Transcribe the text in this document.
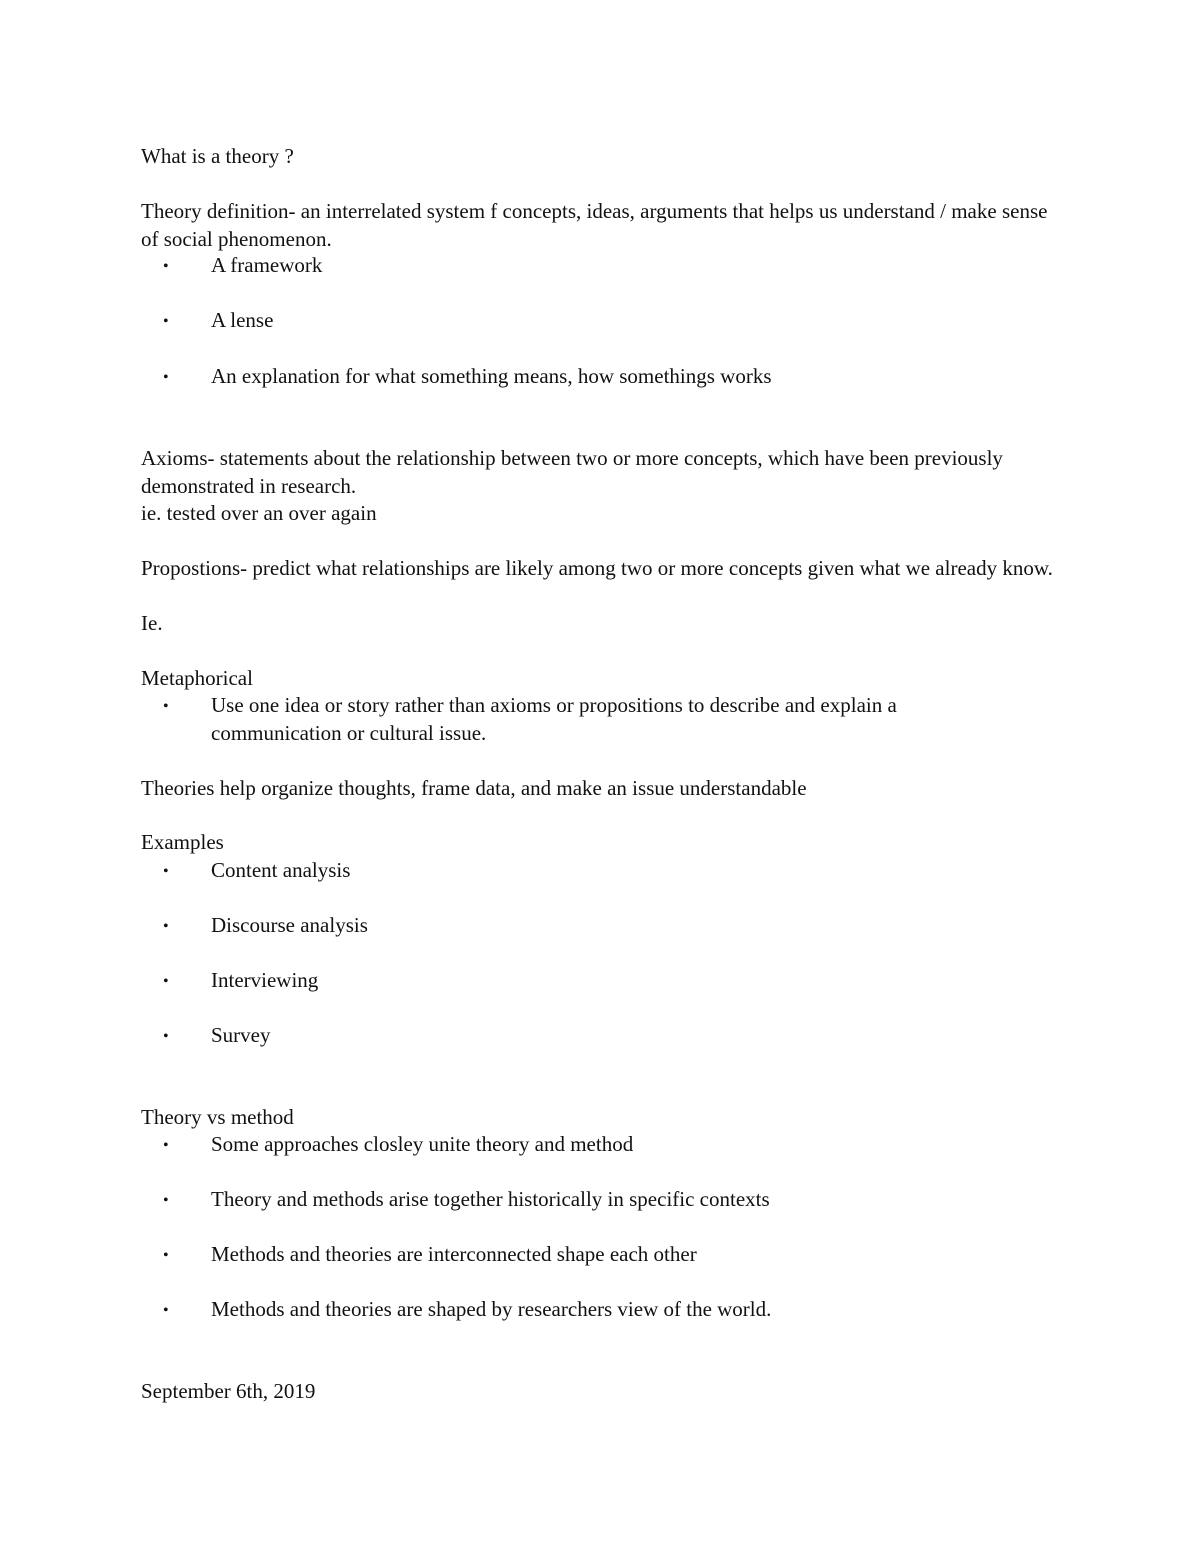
What is a theory ?

Theory definition- an interrelated system f concepts, ideas, arguments that helps us understand / make sense of social phenomenon.

• A framework

• A lense

• An explanation for what something means, how somethings works

Axioms- statements about the relationship between two or more concepts, which have been previously demonstrated in research.

ie. tested over an over again

Propostions- predict what relationships are likely among two or more concepts given what we already know.

Ie.

Metaphorical

• Use one idea or story rather than axioms or propositions to describe and explain a communication or cultural issue.

Theories help organize thoughts, frame data, and make an issue understandable

Examples

• Content analysis

• Discourse analysis

• Interviewing

• Survey

Theory vs method

• Some approaches closley unite theory and method

• Theory and methods arise together historically in specific contexts

• Methods and theories are interconnected shape each other

• Methods and theories are shaped by researchers view of the world.

September 6th, 2019
